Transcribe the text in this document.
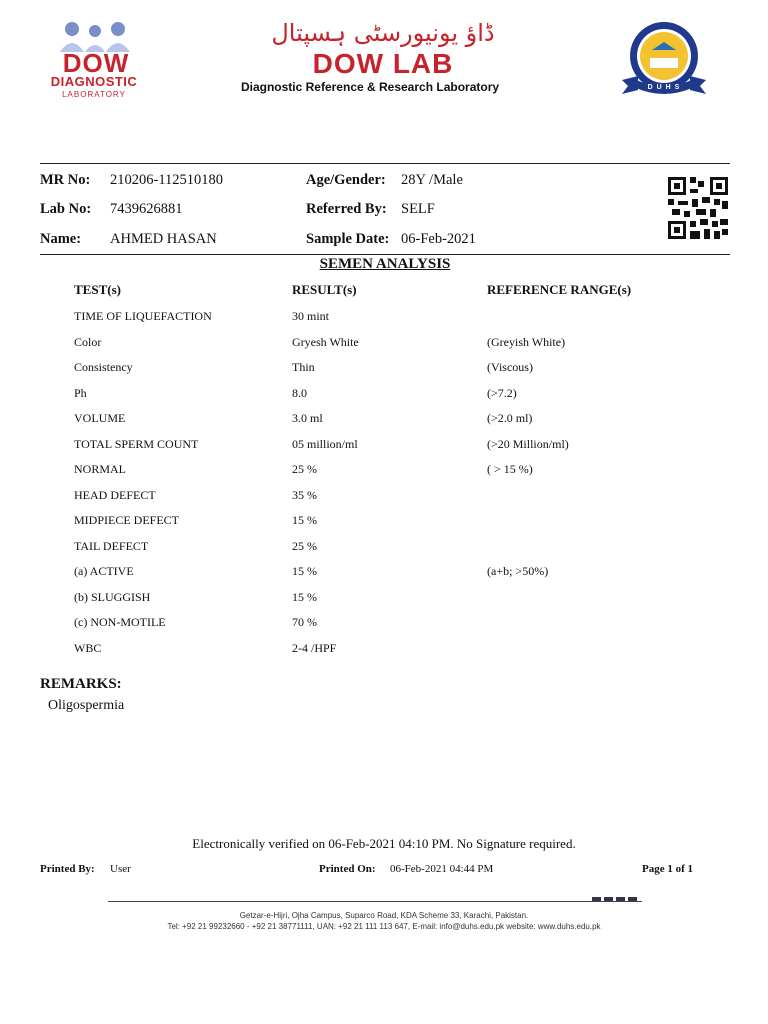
DOW
DIAGNOSTIC
LABORATORY
ڈاؤ یونیورسٹی ہسپتال
DOW LAB
Diagnostic Reference & Research Laboratory	D U H S
MR No: 210206-112510180
Lab No: 7439626881
Name: AHMED HASAN
Age/Gender: 28Y /Male
Referred By: SELF
Sample Date: 06-Feb-2021
SEMEN ANALYSIS
TEST(s)	RESULT(s)	REFERENCE RANGE(s)
TIME OF LIQUEFACTION	30 mint
Color	Gryesh White	(Greyish White)
Consistency	Thin	(Viscous)
Ph	8.0	(>7.2)
VOLUME	3.0 ml	(>2.0 ml)
TOTAL SPERM COUNT	05 million/ml	(>20 Million/ml)
NORMAL	25 %	( > 15 %)
HEAD DEFECT	35 %
MIDPIECE DEFECT	15 %
TAIL DEFECT	25 %
(a) ACTIVE	15 %	(a+b; >50%)
(b) SLUGGISH	15 %
(c) NON-MOTILE	70 %
WBC	2-4 /HPF
REMARKS:
Oligospermia
Electronically verified on 06-Feb-2021 04:10 PM. No Signature required.
Printed By: User	Printed On: 06-Feb-2021 04:44 PM	Page 1 of 1
Getzar-e-Hijri, Ojha Campus, Suparco Road, KDA Scheme 33, Karachi, Pakistan.
Tel: +92 21 99232660 - +92 21 38771111, UAN: +92 21 111 113 647, E-mail: info@duhs.edu.pk website: www.duhs.edu.pk
